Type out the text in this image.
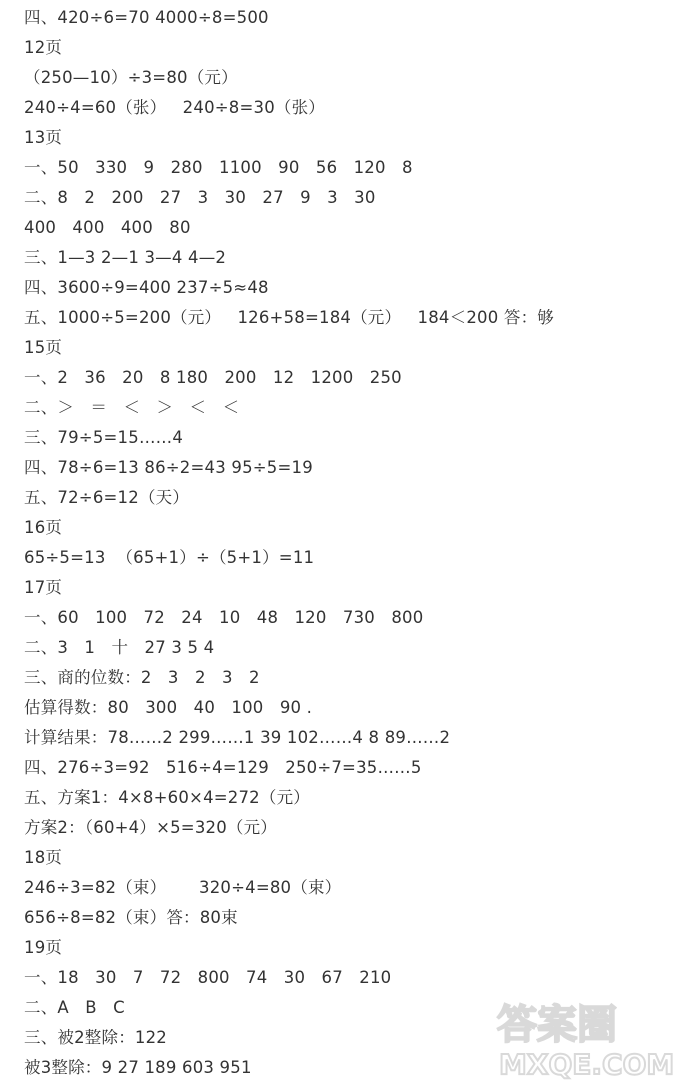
四、420÷6=70 4000÷8=500
12页
（250—10）÷3=80（元）
240÷4=60（张）   240÷8=30（张）
13页
一、50   330   9   280   1100   90   56   120   8
二、8   2   200   27   3   30   27   9   3   30
400   400   400   80
三、1—3 2—1 3—4 4—2
四、3600÷9=400 237÷5≈48
五、1000÷5=200（元）   126+58=184（元）   184＜200 答：够
15页
一、2   36   20   8 180   200   12   1200   250
二、＞   ＝   ＜   ＞   ＜   ＜
三、79÷5=15……4
四、78÷6=13 86÷2=43 95÷5=19
五、72÷6=12（天）
16页
65÷5=13  （65+1）÷（5+1）=11
17页
一、60   100   72   24   10   48   120   730   800
二、3   1   十   27 3 5 4
三、商的位数：2   3   2   3   2
估算得数：80   300   40   100   90 .
计算结果：78……2 299……1 39 102……4 8 89……2
四、276÷3=92   516÷4=129   250÷7=35……5
五、方案1：4×8+60×4=272（元）
方案2：（60+4）×5=320（元）
18页
246÷3=82（束）      320÷4=80（束）
656÷8=82（束）答：80束
19页
一、18   30   7   72   800   74   30   67   210
二、A   B   C
三、被2整除：122
被3整除：9 27 189 603 951
答案圈
MXQE.COM
